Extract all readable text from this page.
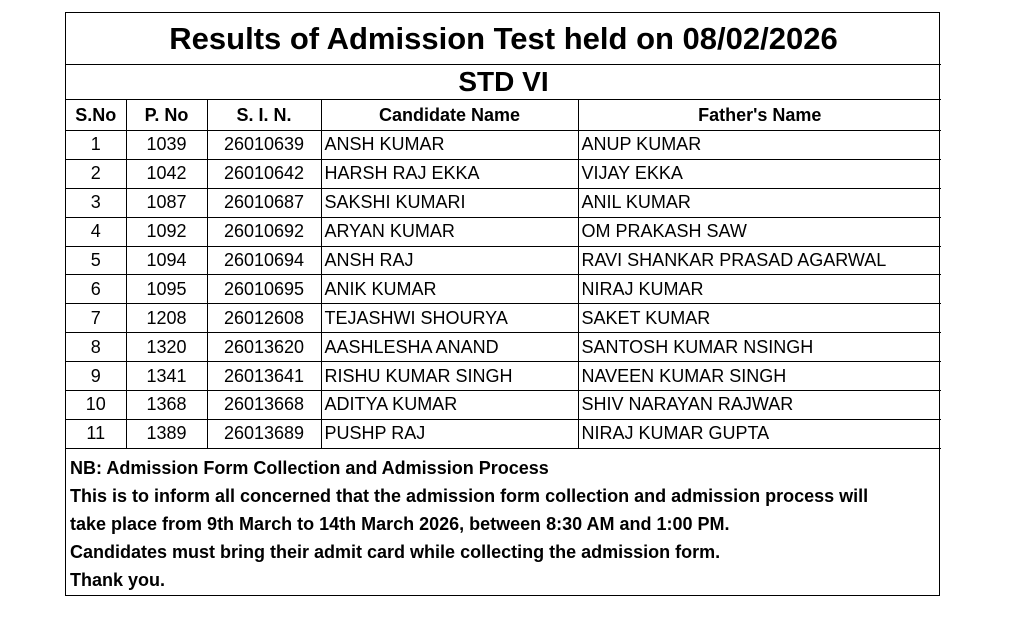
Results of Admission Test held on 08/02/2026				
STD VI				
S.No	P. No	S. I. N.	Candidate Name	Father's Name
1	1039	26010639	ANSH KUMAR	ANUP KUMAR
2	1042	26010642	HARSH RAJ EKKA	VIJAY EKKA
3	1087	26010687	SAKSHI KUMARI	ANIL KUMAR
4	1092	26010692	ARYAN KUMAR	OM PRAKASH SAW
5	1094	26010694	ANSH RAJ	RAVI SHANKAR PRASAD AGARWAL
6	1095	26010695	ANIK KUMAR	NIRAJ KUMAR
7	1208	26012608	TEJASHWI SHOURYA	SAKET KUMAR
8	1320	26013620	AASHLESHA ANAND	SANTOSH KUMAR NSINGH
9	1341	26013641	RISHU KUMAR SINGH	NAVEEN KUMAR SINGH
10	1368	26013668	ADITYA KUMAR	SHIV NARAYAN RAJWAR
11	1389	26013689	PUSHP RAJ	NIRAJ KUMAR GUPTA
NB: Admission Form Collection and Admission Process
This is to inform all concerned that the admission form collection and admission process will
take place from 9th March to 14th March 2026, between 8:30 AM and 1:00 PM.
Candidates must bring their admit card while collecting the admission form.
Thank you.
